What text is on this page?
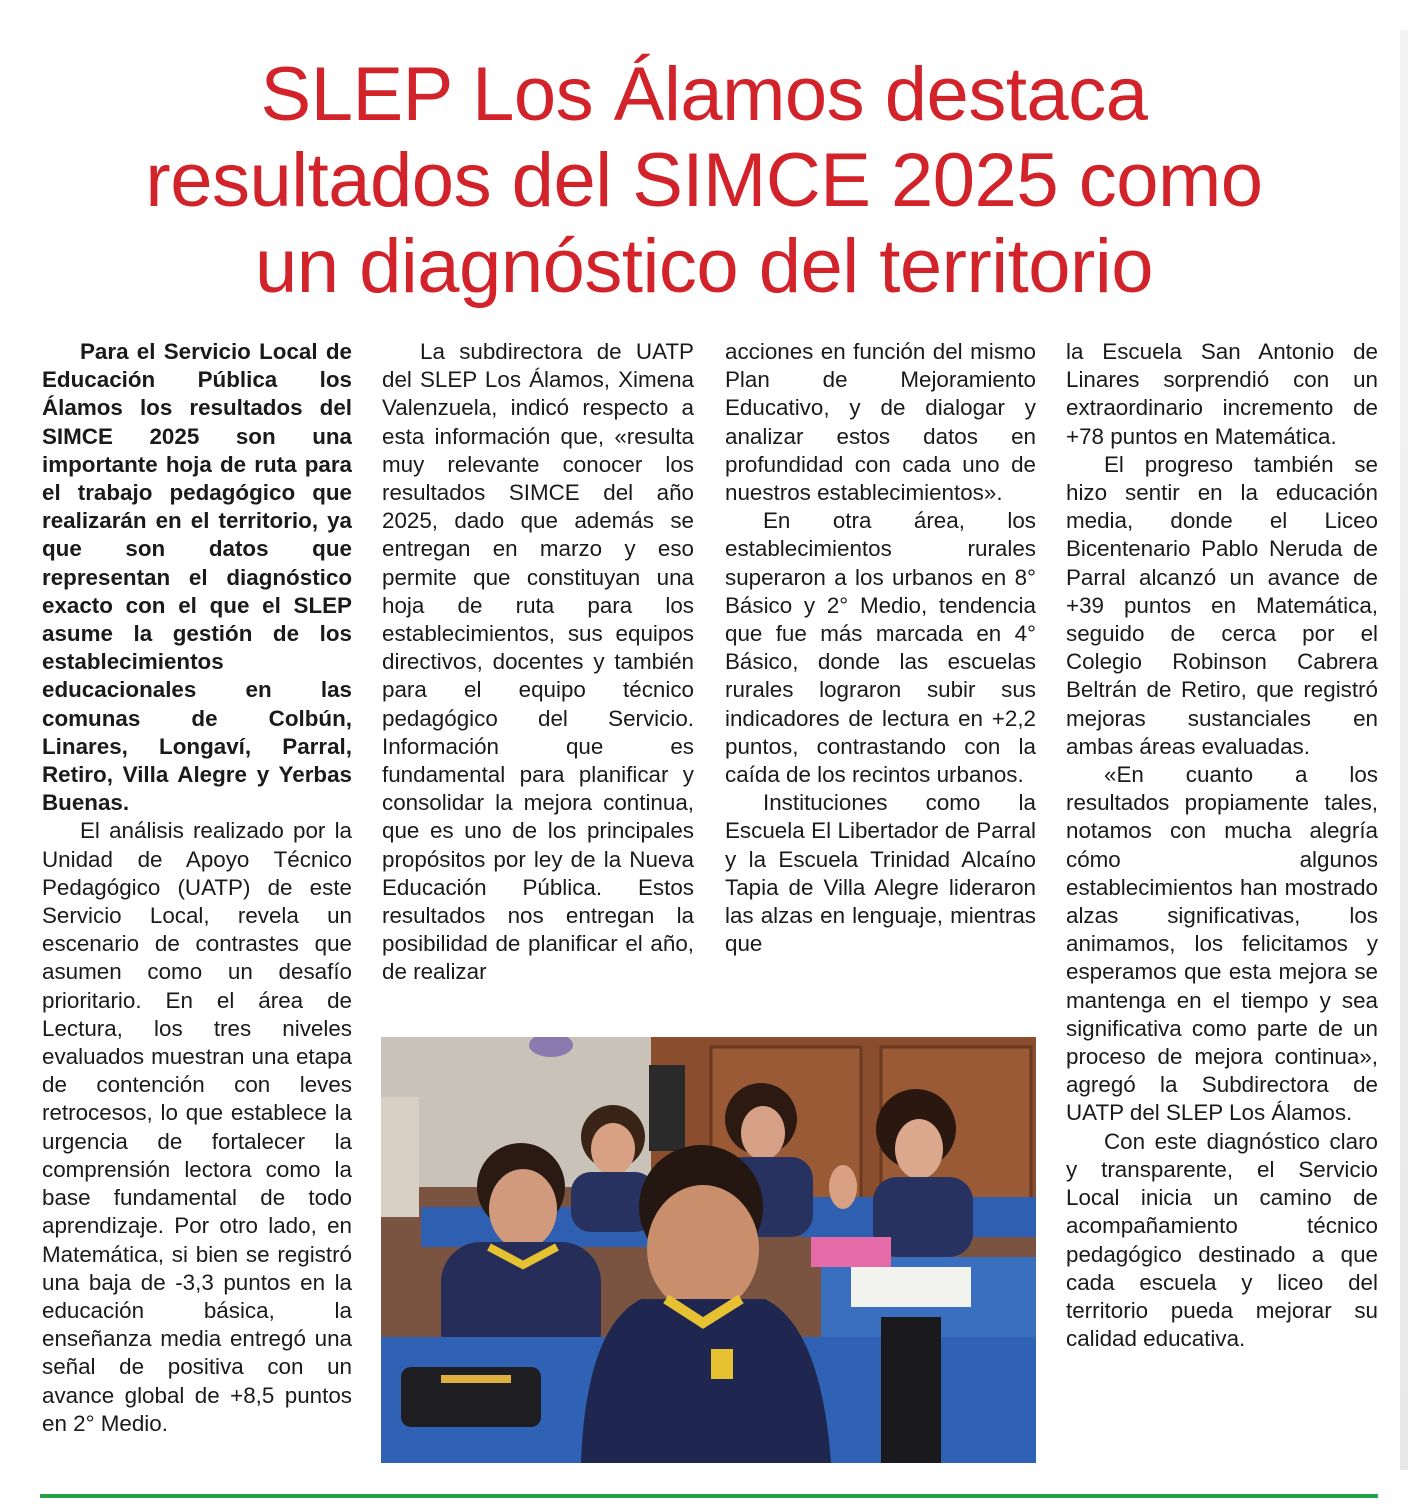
SLEP Los Álamos destaca
resultados del SIMCE 2025 como
un diagnóstico del territorio

Para el Servicio Local de Educación Pública los Álamos los resultados del SIMCE 2025 son una importante hoja de ruta para el trabajo pedagógico que realizarán en el territorio, ya que son datos que representan el diagnóstico exacto con el que el SLEP asume la gestión de los establecimientos educacionales en las comunas de Colbún, Linares, Longaví, Parral, Retiro, Villa Alegre y Yerbas Buenas.

El análisis realizado por la Unidad de Apoyo Técnico Pedagógico (UATP) de este Servicio Local, revela un escenario de contrastes que asumen como un desafío prioritario. En el área de Lectura, los tres niveles evaluados muestran una etapa de contención con leves retrocesos, lo que establece la urgencia de fortalecer la comprensión lectora como la base fundamental de todo aprendizaje. Por otro lado, en Matemática, si bien se registró una baja de -3,3 puntos en la educación básica, la enseñanza media entregó una señal de positiva con un avance global de +8,5 puntos en 2° Medio.

La subdirectora de UATP del SLEP Los Álamos, Ximena Valenzuela, indicó respecto a esta información que, «resulta muy relevante conocer los resultados SIMCE del año 2025, dado que además se entregan en marzo y eso permite que constituyan una hoja de ruta para los establecimientos, sus equipos directivos, docentes y también para el equipo técnico pedagógico del Servicio. Información que es fundamental para planificar y consolidar la mejora continua, que es uno de los principales propósitos por ley de la Nueva Educación Pública. Estos resultados nos entregan la posibilidad de planificar el año, de realizar

acciones en función del mismo Plan de Mejoramiento Educativo, y de dialogar y analizar estos datos en profundidad con cada uno de nuestros establecimientos».

En otra área, los establecimientos rurales superaron a los urbanos en 8° Básico y 2° Medio, tendencia que fue más marcada en 4° Básico, donde las escuelas rurales lograron subir sus indicadores de lectura en +2,2 puntos, contrastando con la caída de los recintos urbanos.

Instituciones como la Escuela El Libertador de Parral y la Escuela Trinidad Alcaíno Tapia de Villa Alegre lideraron las alzas en lenguaje, mientras que

la Escuela San Antonio de Linares sorprendió con un extraordinario incremento de +78 puntos en Matemática.

El progreso también se hizo sentir en la educación media, donde el Liceo Bicentenario Pablo Neruda de Parral alcanzó un avance de +39 puntos en Matemática, seguido de cerca por el Colegio Robinson Cabrera Beltrán de Retiro, que registró mejoras sustanciales en ambas áreas evaluadas.

«En cuanto a los resultados propiamente tales, notamos con mucha alegría cómo algunos establecimientos han mostrado alzas significativas, los animamos, los felicitamos y esperamos que esta mejora se mantenga en el tiempo y sea significativa como parte de un proceso de mejora continua», agregó la Subdirectora de UATP del SLEP Los Álamos.

Con este diagnóstico claro y transparente, el Servicio Local inicia un camino de acompañamiento técnico pedagógico destinado a que cada escuela y liceo del territorio pueda mejorar su calidad educativa.
